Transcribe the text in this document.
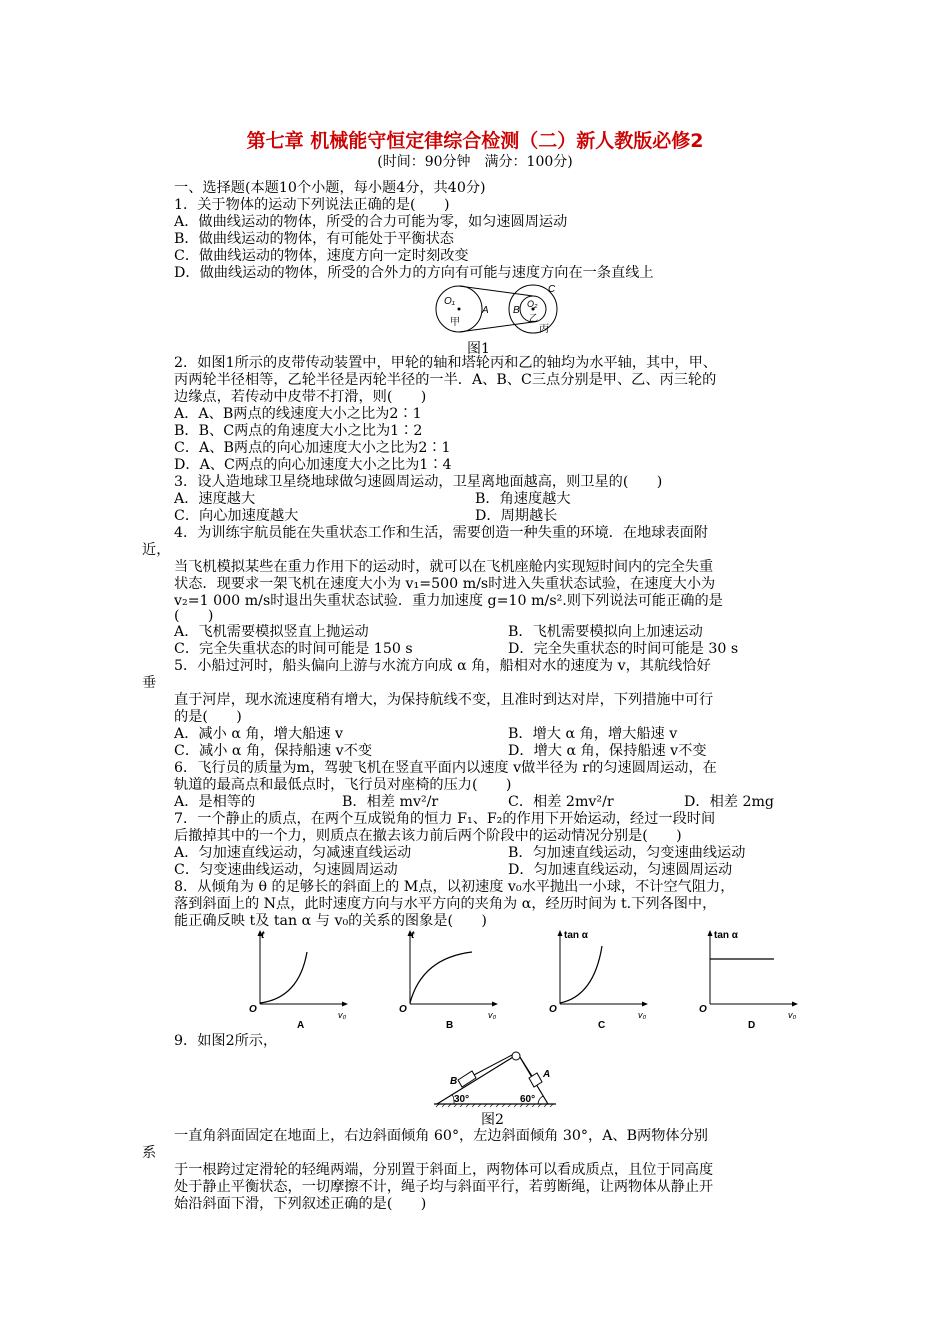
第七章 机械能守恒定律综合检测（二）新人教版必修2
(时间：90分钟　满分：100分)
一、选择题(本题10个小题，每小题4分，共40分)
1．关于物体的运动下列说法正确的是(　　)
A．做曲线运动的物体，所受的合力可能为零，如匀速圆周运动
B．做曲线运动的物体，有可能处于平衡状态
C．做曲线运动的物体，速度方向一定时刻改变
D．做曲线运动的物体，所受的合外力的方向有可能与速度方向在一条直线上
O₁
A
甲
B
O₂
C
乙
丙
图1
2．如图1所示的皮带传动装置中，甲轮的轴和塔轮丙和乙的轴均为水平轴，其中，甲、
丙两轮半径相等，乙轮半径是丙轮半径的一半．A、B、C三点分别是甲、乙、丙三轮的
边缘点，若传动中皮带不打滑，则(　　)
A．A、B两点的线速度大小之比为2∶1
B．B、C两点的角速度大小之比为1∶2
C．A、B两点的向心加速度大小之比为2∶1
D．A、C两点的向心加速度大小之比为1∶4
3．设人造地球卫星绕地球做匀速圆周运动，卫星离地面越高，则卫星的(　　)
A．速度越大	B．角速度越大
C．向心加速度越大	D．周期越长
4．为训练宇航员能在失重状态工作和生活，需要创造一种失重的环境．在地球表面附
近，
当飞机模拟某些在重力作用下的运动时，就可以在飞机座舱内实现短时间内的完全失重
状态．现要求一架飞机在速度大小为 v₁=500 m/s时进入失重状态试验，在速度大小为
v₂=1 000 m/s时退出失重状态试验．重力加速度 g=10 m/s².则下列说法可能正确的是
(　　)
A．飞机需要模拟竖直上抛运动	B．飞机需要模拟向上加速运动
C．完全失重状态的时间可能是 150 s	D．完全失重状态的时间可能是 30 s
5．小船过河时，船头偏向上游与水流方向成 α 角，船相对水的速度为 v，其航线恰好
垂
直于河岸，现水流速度稍有增大，为保持航线不变，且准时到达对岸，下列措施中可行
的是(　　)
A．减小 α 角，增大船速 v	B．增大 α 角，增大船速 v
C．减小 α 角，保持船速 v不变	D．增大 α 角，保持船速 v不变
6．飞行员的质量为m，驾驶飞机在竖直平面内以速度 v做半径为 r的匀速圆周运动，在
轨道的最高点和最低点时，飞行员对座椅的压力(　　)
A．是相等的	B．相差 mv²/r	C．相差 2mv²/r	D．相差 2mg
7．一个静止的质点，在两个互成锐角的恒力 F₁、F₂的作用下开始运动，经过一段时间
后撤掉其中的一个力，则质点在撤去该力前后两个阶段中的运动情况分别是(　　)
A．匀加速直线运动，匀减速直线运动	B．匀加速直线运动，匀变速曲线运动
C．匀变速曲线运动，匀速圆周运动	D．匀加速直线运动，匀速圆周运动
8．从倾角为 θ 的足够长的斜面上的 M点，以初速度 v₀水平抛出一小球，不计空气阻力，
落到斜面上的 N点，此时速度方向与水平方向的夹角为 α，经历时间为 t.下列各图中，
能正确反映 t及 tan α 与 v₀的关系的图象是(　　)
t
O	v₀
A
t
O	v₀
B
tan α
O	v₀
C
tan α
O	v₀
D
9．如图2所示，
B
A
30°	60°
图2
一直角斜面固定在地面上，右边斜面倾角 60°，左边斜面倾角 30°，A、B两物体分别
系
于一根跨过定滑轮的轻绳两端，分别置于斜面上，两物体可以看成质点，且位于同高度
处于静止平衡状态，一切摩擦不计，绳子均与斜面平行，若剪断绳，让两物体从静止开
始沿斜面下滑，下列叙述正确的是(　　)
